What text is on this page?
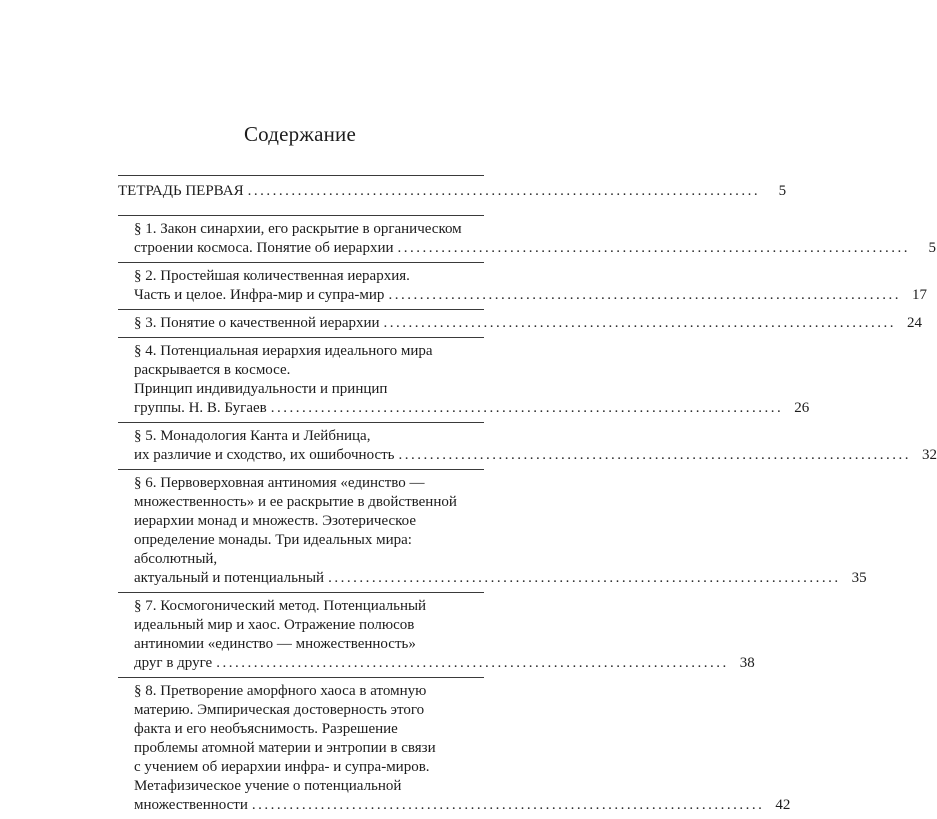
Содержание
ТЕТРАДЬ ПЕРВАЯ ..................................................................................	5
§ 1. Закон синархии, его раскрытие в органическом
строении космоса. Понятие об иерархии ..................................................................................	5
§ 2. Простейшая количественная иерархия.
Часть и целое. Инфра-мир и супра-мир .................................................................................. 17
§ 3. Понятие о качественной иерархии .................................................................................. 24
§ 4. Потенциальная иерархия идеального мира
раскрывается в космосе.
Принцип индивидуальности и принцип
группы. Н. В. Бугаев .................................................................................. 26
§ 5. Монадология Канта и Лейбница,
их различие и сходство, их ошибочность .................................................................................. 32
§ 6. Первоверховная антиномия «единство —
множественность» и ее раскрытие в двойственной
иерархии монад и множеств. Эзотерическое
определение монады. Три идеальных мира:
абсолютный,
актуальный и потенциальный .................................................................................. 35
§ 7. Космогонический метод. Потенциальный
идеальный мир и хаос. Отражение полюсов
антиномии «единство — множественность»
друг в друге .................................................................................. 38
§ 8. Претворение аморфного хаоса в атомную
материю. Эмпирическая достоверность этого
факта и его необъяснимость. Разрешение
проблемы атомной материи и энтропии в связи
с учением об иерархии инфра- и супра-миров.
Метафизическое учение о потенциальной
множественности .................................................................................. 42
